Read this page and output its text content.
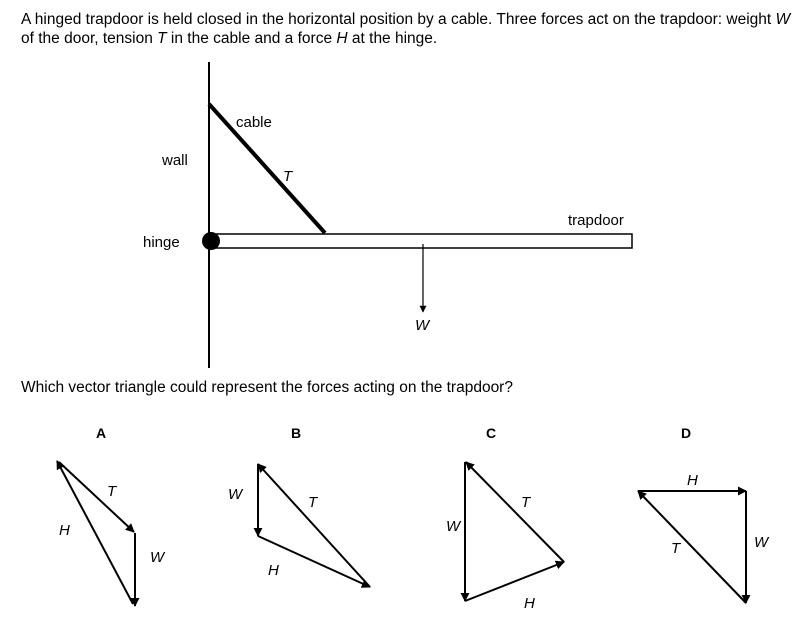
A hinged trapdoor is held closed in the horizontal position by a cable. Three forces act on the trapdoor: weight W of the door, tension T in the cable and a force H at the hinge.

wall
cable
T
trapdoor
hinge
W
A
T
H
W
B
W	T
H
C
W
T
H
D
H
T	W

Which vector triangle could represent the forces acting on the trapdoor?
